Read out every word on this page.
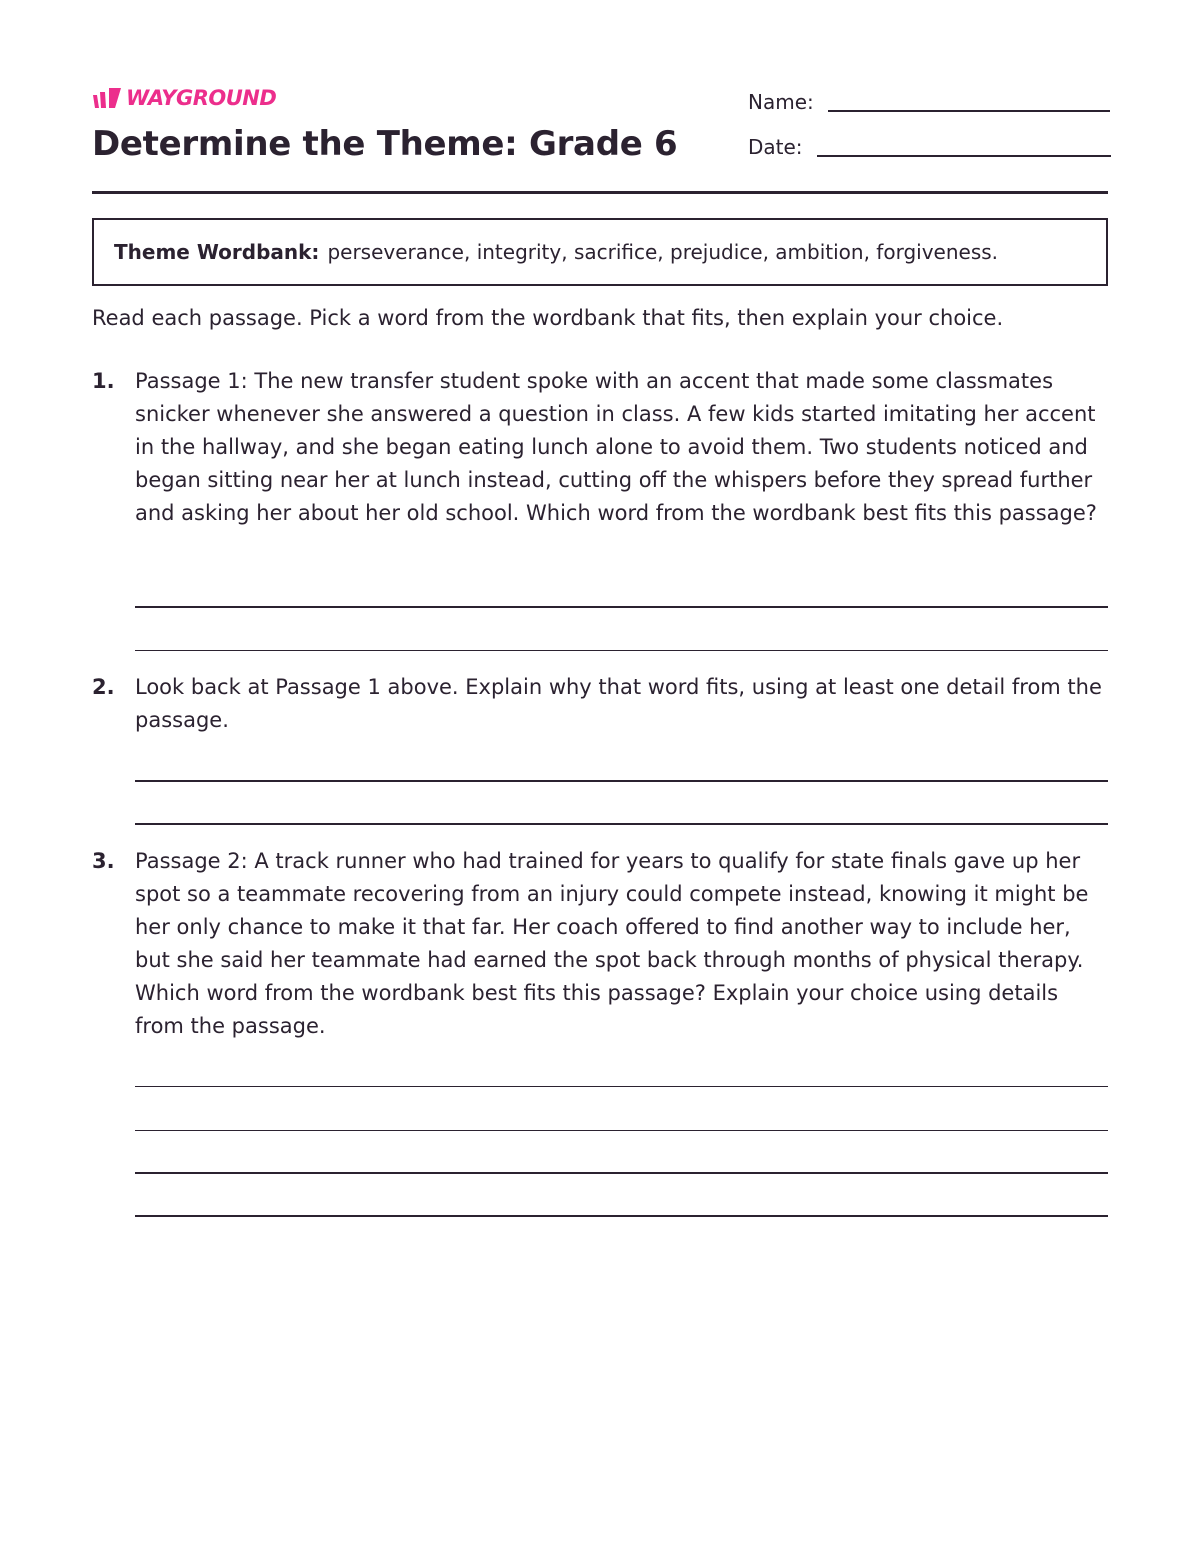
WAYGROUND
Determine the Theme: Grade 6
Name:
Date:
Theme Wordbank: perseverance, integrity, sacrifice, prejudice, ambition, forgiveness.

Read each passage. Pick a word from the wordbank that fits, then explain your choice.

1. Passage 1: The new transfer student spoke with an accent that made some classmates snicker whenever she answered a question in class. A few kids started imitating her accent in the hallway, and she began eating lunch alone to avoid them. Two students noticed and began sitting near her at lunch instead, cutting off the whispers before they spread further and asking her about her old school. Which word from the wordbank best fits this passage?

2. Look back at Passage 1 above. Explain why that word fits, using at least one detail from the passage.

3. Passage 2: A track runner who had trained for years to qualify for state finals gave up her spot so a teammate recovering from an injury could compete instead, knowing it might be her only chance to make it that far. Her coach offered to find another way to include her, but she said her teammate had earned the spot back through months of physical therapy. Which word from the wordbank best fits this passage? Explain your choice using details from the passage.
